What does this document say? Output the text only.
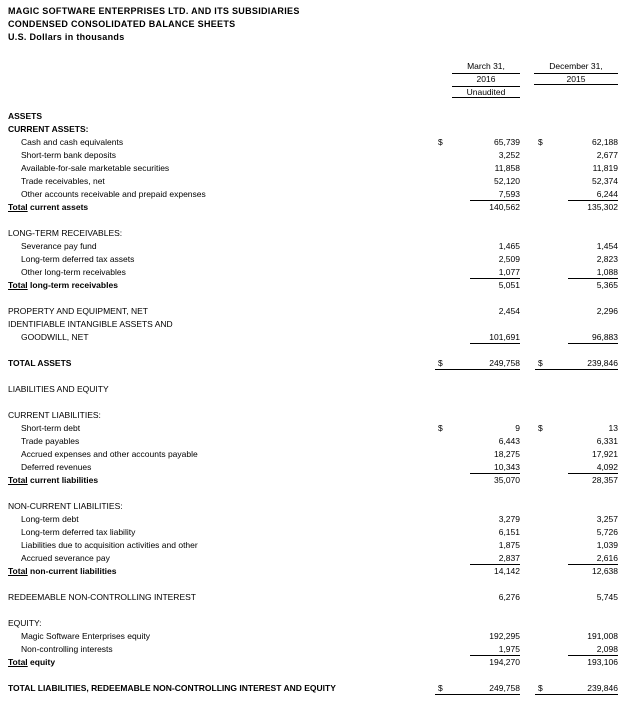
MAGIC SOFTWARE ENTERPRISES LTD. AND ITS SUBSIDIARIES
CONDENSED CONSOLIDATED BALANCE SHEETS
U.S. Dollars in thousands
March 31,
2016
Unaudited
December 31,
2015
ASSETS
CURRENT ASSETS:
Cash and cash equivalents	$	65,739 $	62,188
Short-term bank deposits	3,252	2,677
Available-for-sale marketable securities	11,858	11,819
Trade receivables, net	52,120	52,374
Other accounts receivable and prepaid expenses	7,593	6,244
Total current assets	140,562	135,302
LONG-TERM RECEIVABLES:
Severance pay fund	1,465	1,454
Long-term deferred tax assets	2,509	2,823
Other long-term receivables	1,077	1,088
Total long-term receivables	5,051	5,365
PROPERTY AND EQUIPMENT, NET	2,454	2,296
IDENTIFIABLE INTANGIBLE ASSETS AND
GOODWILL, NET	101,691	96,883
TOTAL ASSETS	$	249,758 $	239,846
LIABILITIES AND EQUITY
CURRENT LIABILITIES:
Short-term debt	$	9 $	13
Trade payables	6,443	6,331
Accrued expenses and other accounts payable	18,275	17,921
Deferred revenues	10,343	4,092
Total current liabilities	35,070	28,357
NON-CURRENT LIABILITIES:
Long-term debt	3,279	3,257
Long-term deferred tax liability	6,151	5,726
Liabilities due to acquisition activities and other	1,875	1,039
Accrued severance pay	2,837	2,616
Total non-current liabilities	14,142	12,638
REDEEMABLE NON-CONTROLLING INTEREST	6,276	5,745
EQUITY:
Magic Software Enterprises equity	192,295	191,008
Non-controlling interests	1,975	2,098
Total equity	194,270	193,106
TOTAL LIABILITIES, REDEEMABLE NON-CONTROLLING INTEREST AND EQUITY	$	249,758 $	239,846
